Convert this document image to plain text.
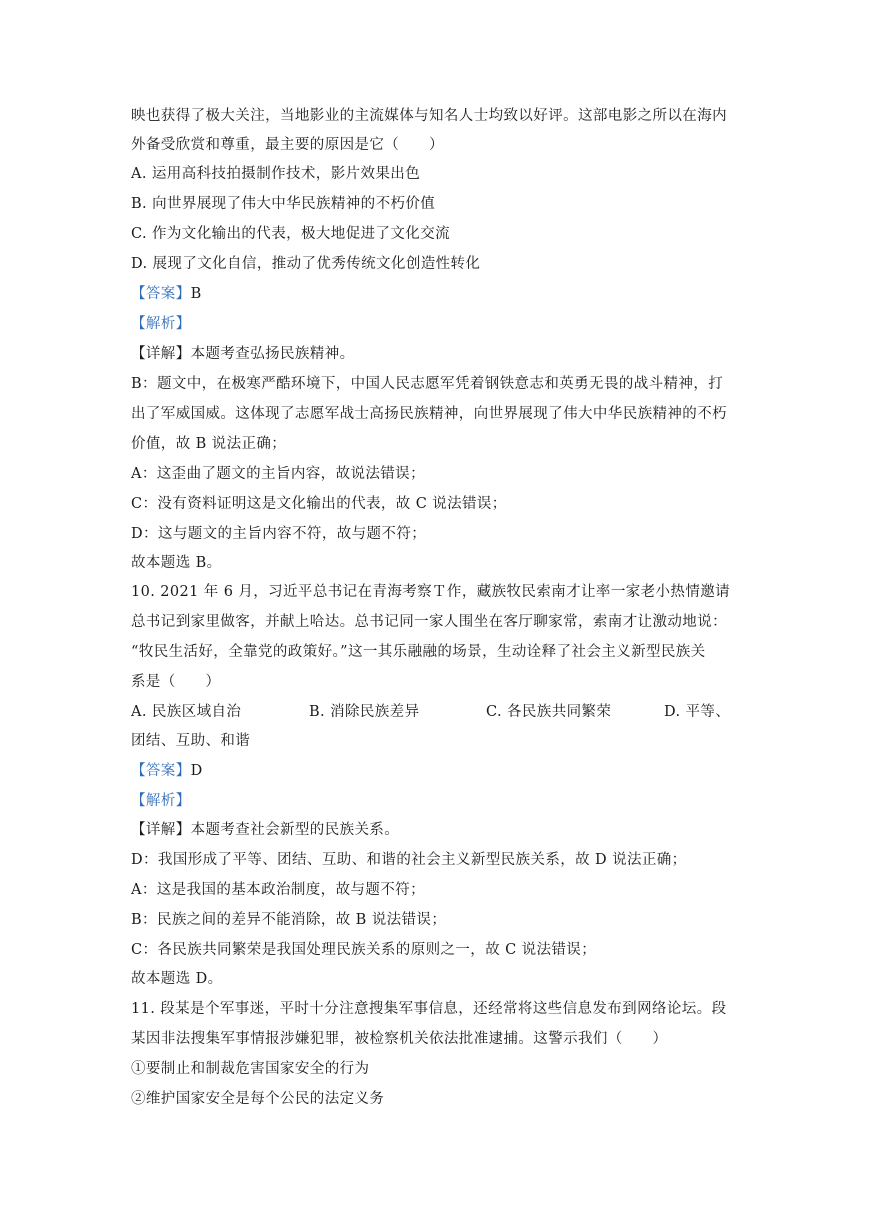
映也获得了极大关注，当地影业的主流媒体与知名人士均致以好评。这部电影之所以在海内
外备受欣赏和尊重，最主要的原因是它（　　）
A. 运用高科技拍摄制作技术，影片效果出色
B. 向世界展现了伟大中华民族精神的不朽价值
C. 作为文化输出的代表，极大地促进了文化交流
D. 展现了文化自信，推动了优秀传统文化创造性转化
【答案】B
【解析】
【详解】本题考查弘扬民族精神。
B：题文中，在极寒严酷环境下，中国人民志愿军凭着钢铁意志和英勇无畏的战斗精神，打
出了军威国威。这体现了志愿军战士高扬民族精神，向世界展现了伟大中华民族精神的不朽
价值，故 B 说法正确；
A：这歪曲了题文的主旨内容，故说法错误；
C：没有资料证明这是文化输出的代表，故 C 说法错误；
D：这与题文的主旨内容不符，故与题不符；
故本题选 B。
10. 2021 年 6 月，习近平总书记在青海考察Ｔ作，藏族牧民索南才让率一家老小热情邀请
总书记到家里做客，并献上哈达。总书记同一家人围坐在客厅聊家常，索南才让激动地说：
“牧民生活好，全靠党的政策好。”这一其乐融融的场景，生动诠释了社会主义新型民族关
系是（　　）
A. 民族区域自治	B. 消除民族差异	C. 各民族共同繁荣	D. 平等、
团结、互助、和谐
【答案】D
【解析】
【详解】本题考查社会新型的民族关系。
D：我国形成了平等、团结、互助、和谐的社会主义新型民族关系，故 D 说法正确；
A：这是我国的基本政治制度，故与题不符；
B：民族之间的差异不能消除，故 B 说法错误；
C：各民族共同繁荣是我国处理民族关系的原则之一，故 C 说法错误；
故本题选 D。
11. 段某是个军事迷，平时十分注意搜集军事信息，还经常将这些信息发布到网络论坛。段
某因非法搜集军事情报涉嫌犯罪，被检察机关依法批准逮捕。这警示我们（　　）
①要制止和制裁危害国家安全的行为
②维护国家安全是每个公民的法定义务
